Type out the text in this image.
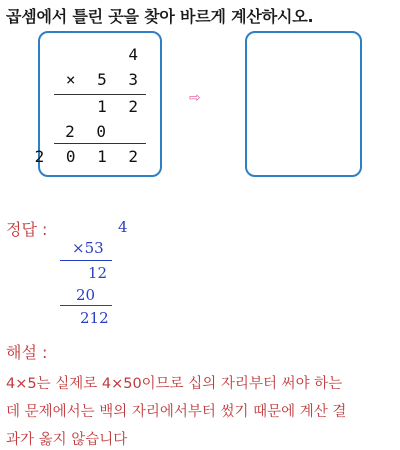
곱셈에서 틀린 곳을 찾아 바르게 계산하시오.
4
× 5 3
1 2
2 0
2 0 1 2
⇨
정답 :	4
×53
12
20
212
해설 :
4×5는 실제로 4×50이므로 십의 자리부터 써야 하는
데 문제에서는 백의 자리에서부터 썼기 때문에 계산 결
과가 옳지 않습니다
